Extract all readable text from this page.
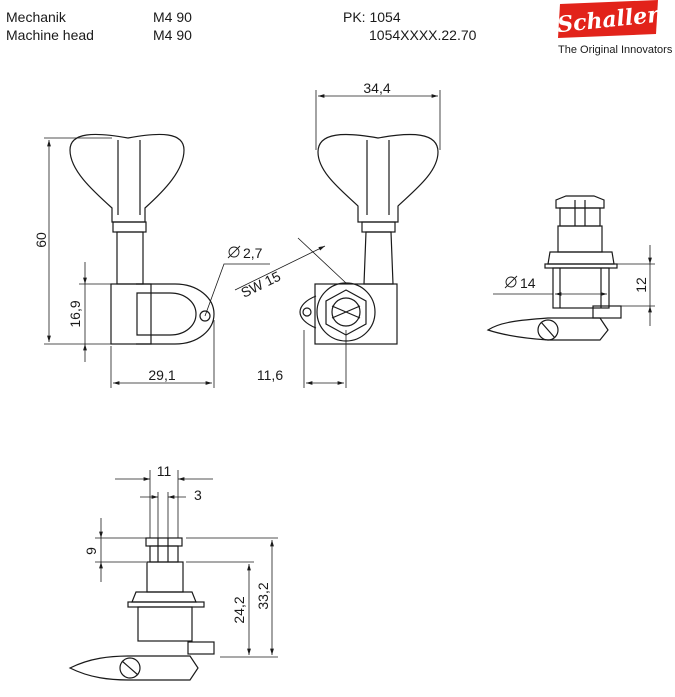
Mechanik	M4 90
Machine head	M4 90
PK: 1054
1054XXXX.22.70	Schaller
The Original Innovators
60
16,9
29,1
2,7
SW 15
34,4
11,6
14	12
11
3
9
24,2
33,2
